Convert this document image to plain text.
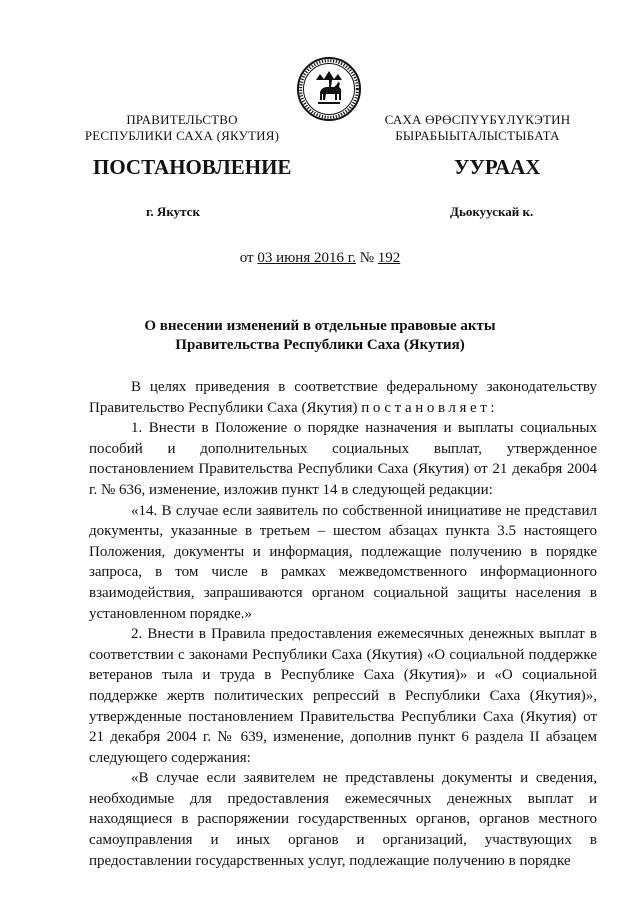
ПРАВИТЕЛЬСТВО
РЕСПУБЛИКИ САХА (ЯКУТИЯ)
САХА ӨРӨСПҮҮБҮЛҮКЭТИН
БЫРАБЫЫТАЛЫСТЫБАТА
ПОСТАНОВЛЕНИЕ	УУРААХ
г. Якутск	Дьокуускай к.
от 03 июня 2016 г. № 192
О внесении изменений в отдельные правовые акты
Правительства Республики Саха (Якутия)

В целях приведения в соответствие федеральному законодательству Правительство Республики Саха (Якутия) постановляет:

1. Внести в Положение о порядке назначения и выплаты социальных пособий и дополнительных социальных выплат, утвержденное постановлением Правительства Республики Саха (Якутия) от 21 декабря 2004 г. № 636, изменение, изложив пункт 14 в следующей редакции:

«14. В случае если заявитель по собственной инициативе не представил документы, указанные в третьем – шестом абзацах пункта 3.5 настоящего Положения, документы и информация, подлежащие получению в порядке запроса, в том числе в рамках межведомственного информационного взаимодействия, запрашиваются органом социальной защиты населения в установленном порядке.»

2. Внести в Правила предоставления ежемесячных денежных выплат в соответствии с законами Республики Саха (Якутия) «О социальной поддержке ветеранов тыла и труда в Республике Саха (Якутия)» и «О социальной поддержке жертв политических репрессий в Республики Саха (Якутия)», утвержденные постановлением Правительства Республики Саха (Якутия) от 21 декабря 2004 г. № 639, изменение, дополнив пункт 6 раздела II абзацем следующего содержания:

«В случае если заявителем не представлены документы и сведения, необходимые для предоставления ежемесячных денежных выплат и находящиеся в распоряжении государственных органов, органов местного самоуправления и иных органов и организаций, участвующих в предоставлении государственных услуг, подлежащие получению в порядке
